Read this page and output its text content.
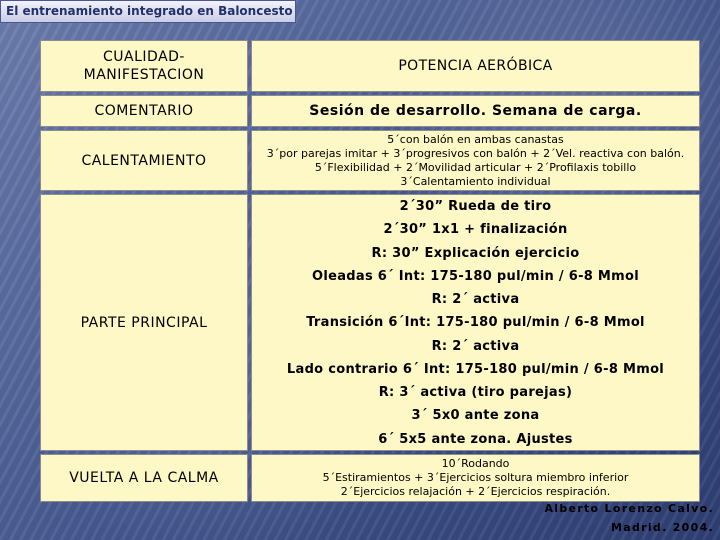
El entrenamiento integrado en Baloncesto
CUALIDAD-MANIFESTACION
POTENCIA AERÓBICA
COMENTARIO	Sesión de desarrollo. Semana de carga.
CALENTAMIENTO
5´con balón en ambas canastas
3´por parejas imitar + 3´progresivos con balón + 2´Vel. reactiva con balón.
5´Flexibilidad + 2´Movilidad articular + 2´Profilaxis tobillo
3´Calentamiento individual
PARTE PRINCIPAL
2´30” Rueda de tiro
2´30” 1x1 + finalización
R: 30” Explicación ejercicio
Oleadas 6´ Int: 175-180 pul/min / 6-8 Mmol
R: 2´ activa
Transición 6´Int: 175-180 pul/min / 6-8 Mmol
R: 2´ activa
Lado contrario 6´ Int: 175-180 pul/min / 6-8 Mmol
R: 3´ activa (tiro parejas)
3´ 5x0 ante zona
6´ 5x5 ante zona. Ajustes
VUELTA A LA CALMA
10´Rodando
5´Estiramientos + 3´Ejercicios soltura miembro inferior
2´Ejercicios relajación + 2´Ejercicios respiración.
Alberto Lorenzo Calvo.
Madrid. 2004.
